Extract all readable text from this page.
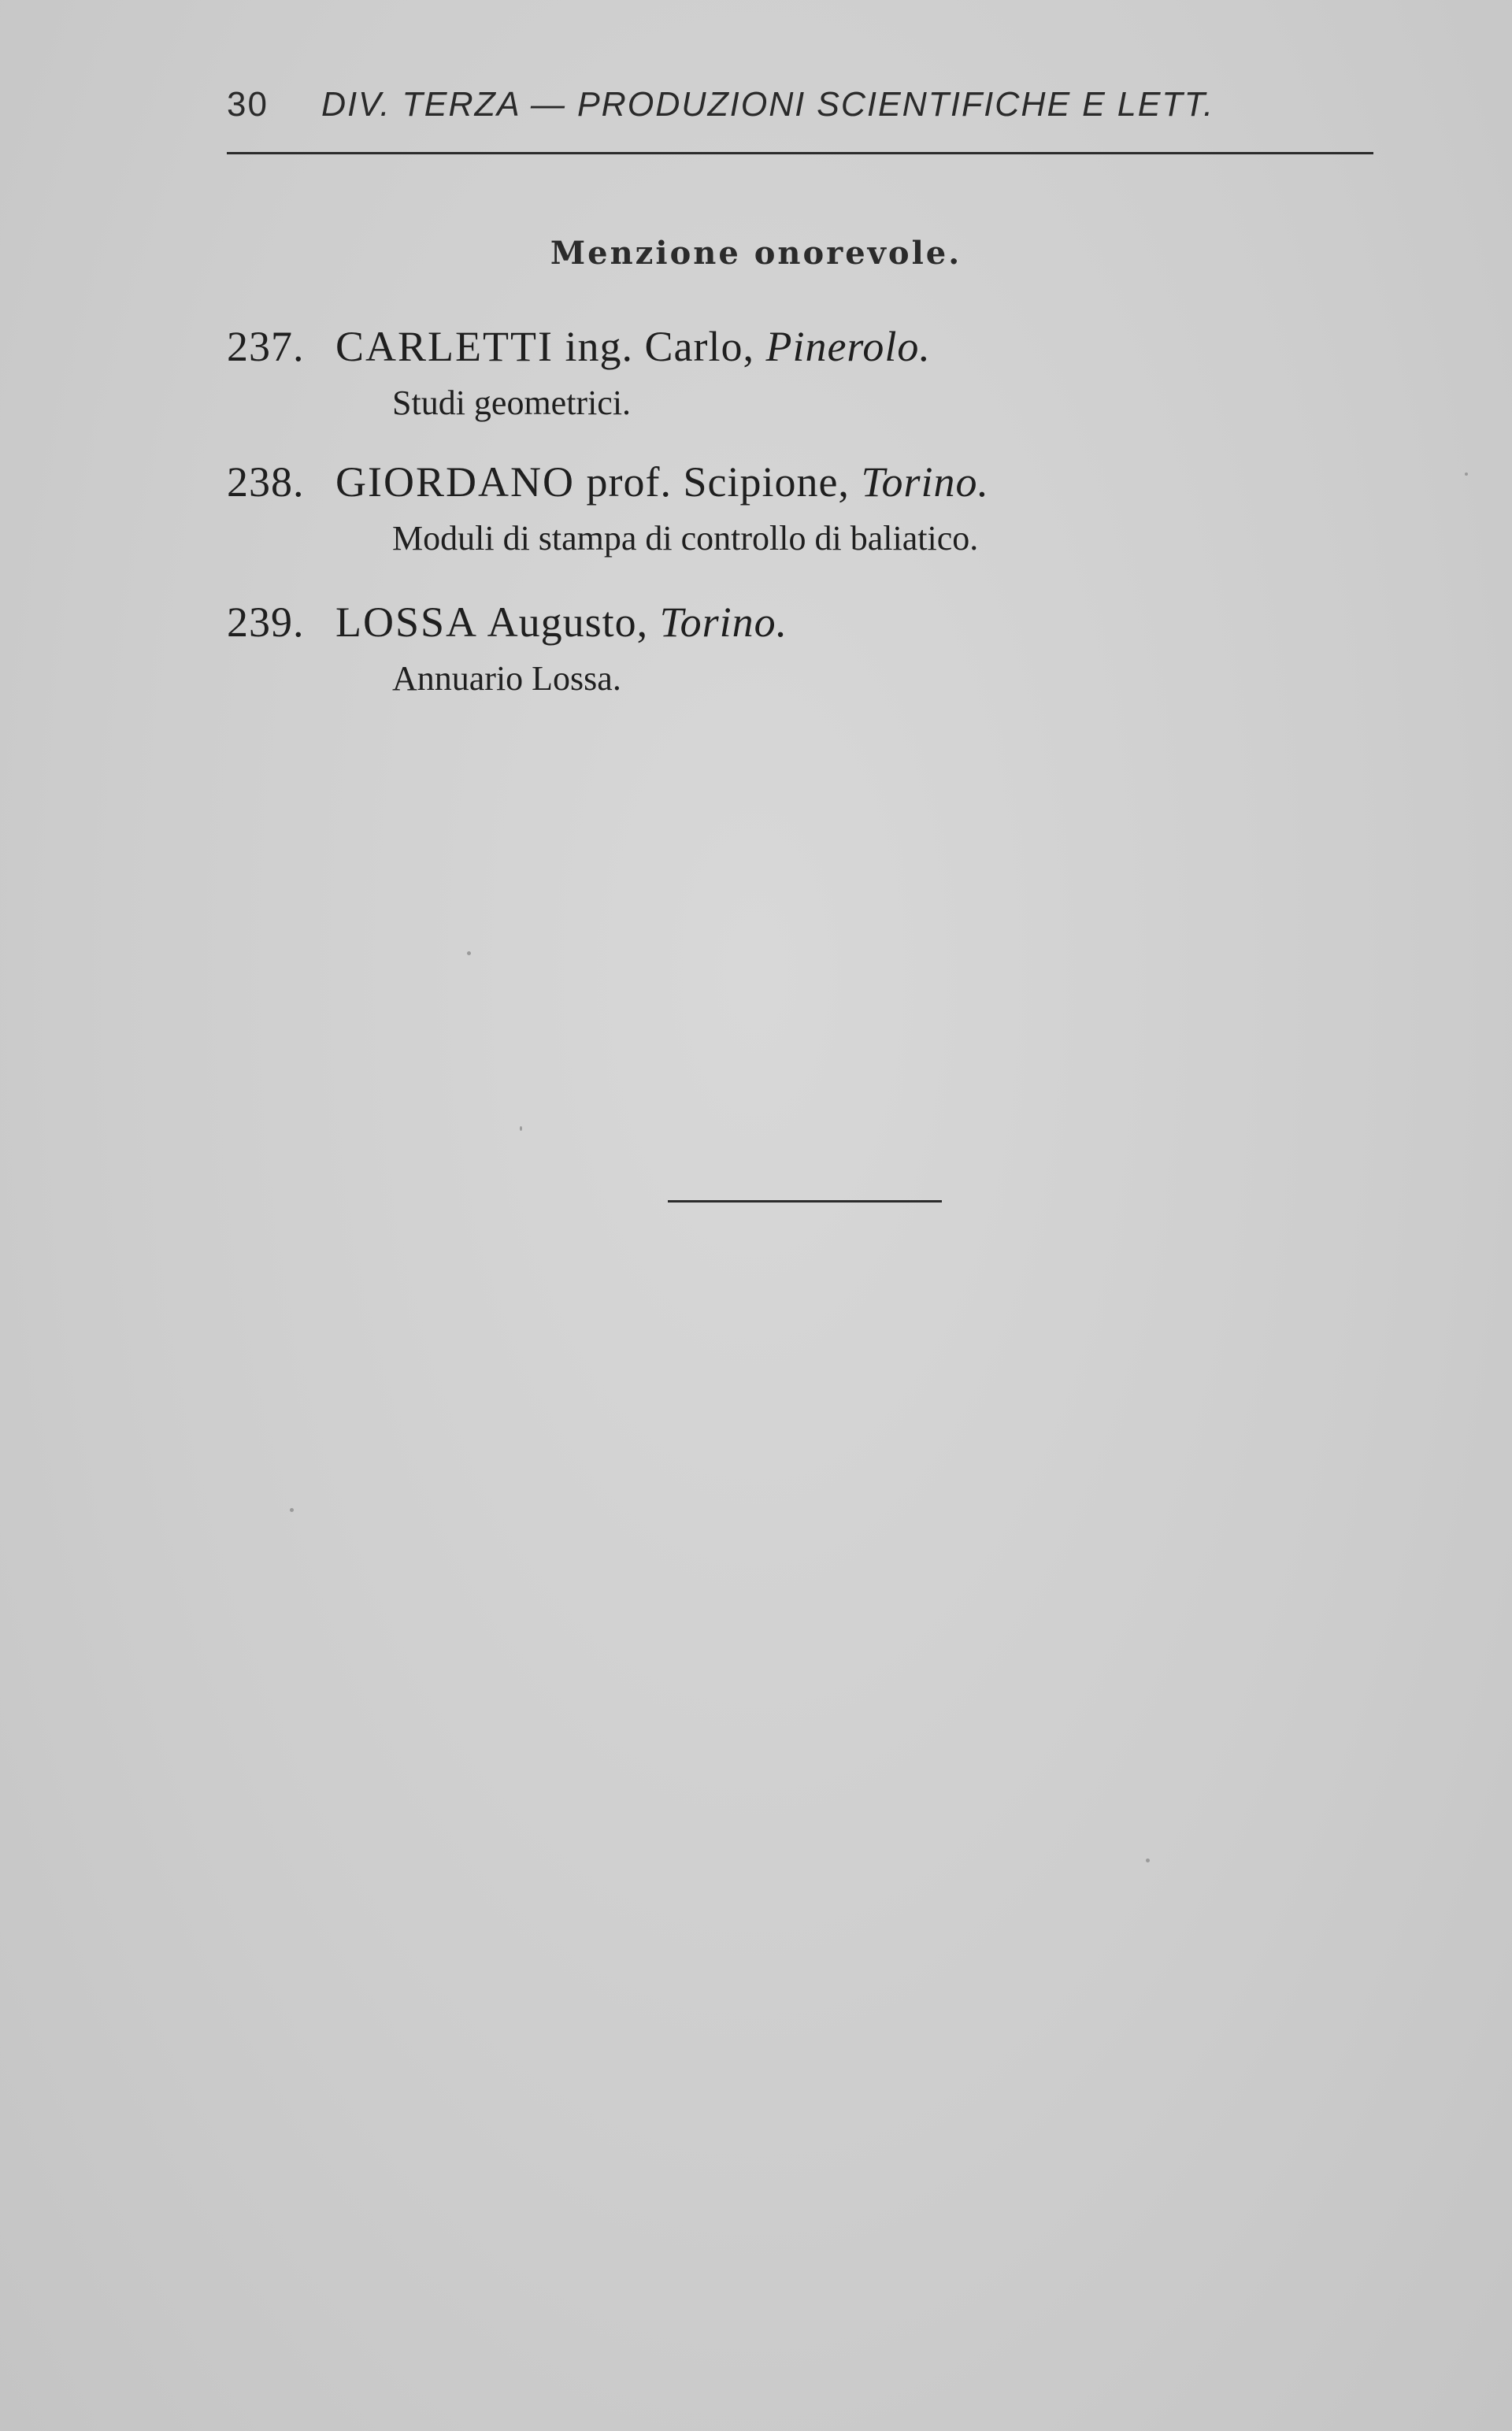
30 DIV. TERZA — PRODUZIONI SCIENTIFICHE E LETT.
Menzione onorevole.
237. CARLETTI ing. Carlo, Pinerolo.
Studi geometrici.
238. GIORDANO prof. Scipione, Torino.
Moduli di stampa di controllo di baliatico.
239. LOSSA Augusto, Torino.
Annuario Lossa.
